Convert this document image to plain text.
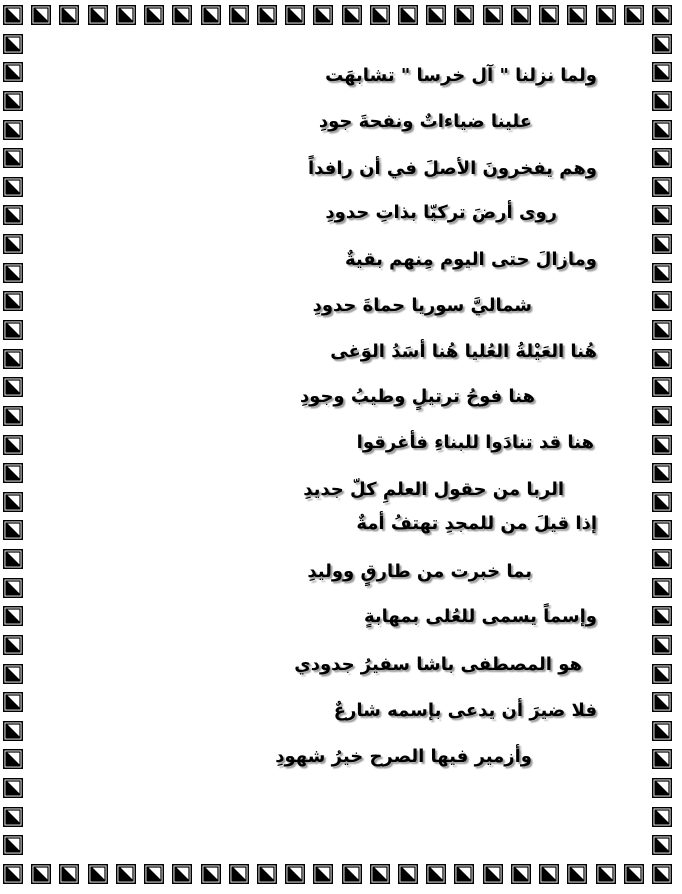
ولما نزلنا " آل خرسا " تشابهَت
علينا ضياءاتٌ ونفحةَ جودِ
وهم يفخرونَ الأصلَ في أن رافداً
روى أرضَ تركيّا بذاتِ حدودِ
ومازالَ حتى اليوم مِنهم بقيةٌ
شماليَّ سوريا حماةَ حدودِ
هُنا العَيْلةُ العُليا هُنا أسَدُ الوَغى
هنا فوحُ ترتيلٍ وطيبُ وجودِ
هنا قد تنادَوا للبناءِ فأغرقوا
الربا من حقول العلمِ كلّ جديدِ
إذا قيلَ من للمجدِ تهتفُ أمةٌ
بما خبرت من طارقٍ ووليدِ
وإسماً يسمى للعُلى بمهابةٍ
هو المصطفى باشا سفيرُ جدودي
فلا ضيرَ أن يدعى بإسمه شارعٌ
وأزمير فيها الصرح خيرُ شهودِ
